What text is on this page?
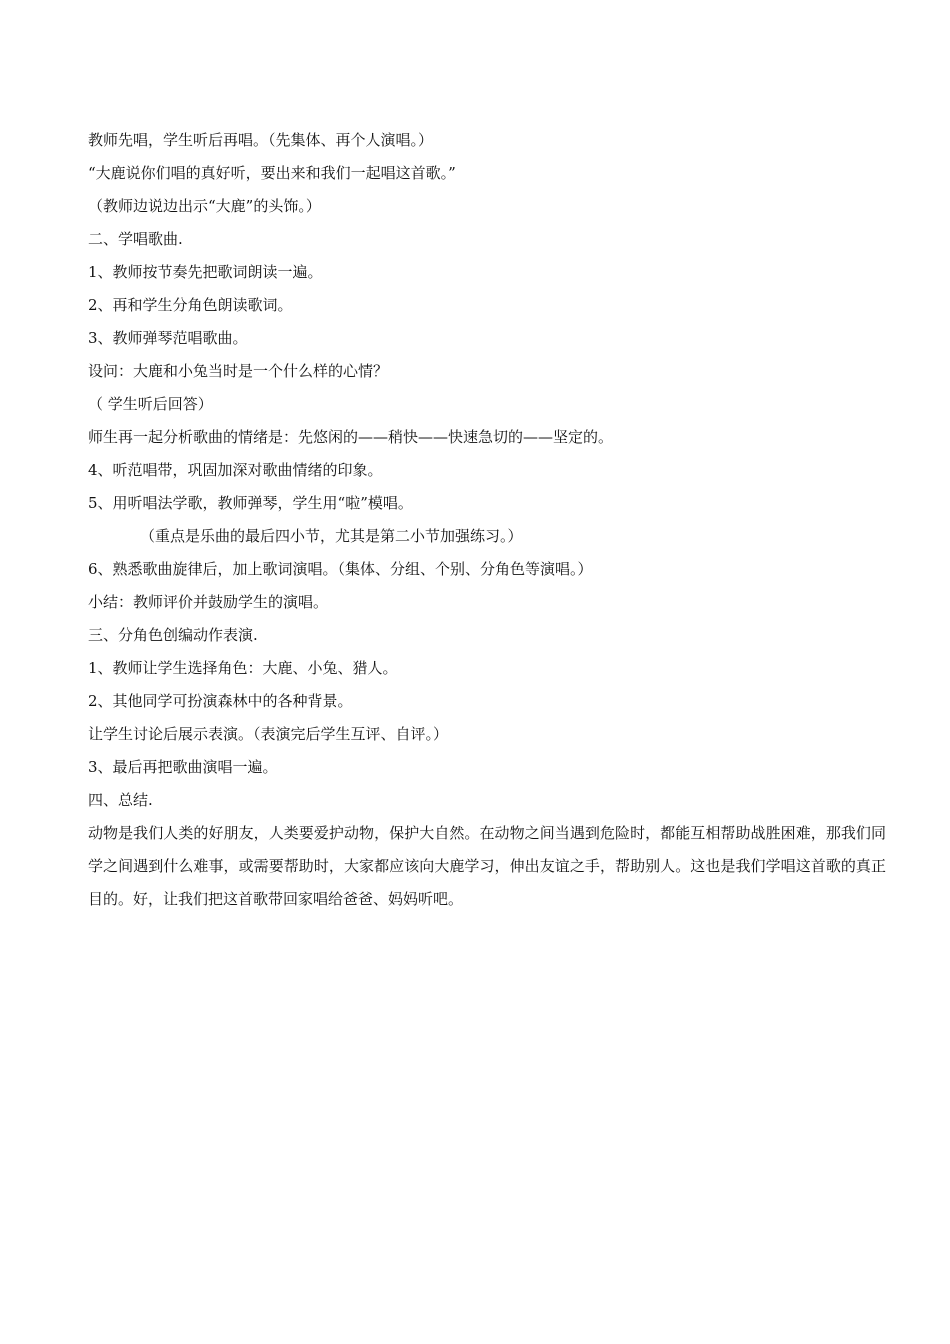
教师先唱，学生听后再唱。（先集体、再个人演唱。）
“大鹿说你们唱的真好听，要出来和我们一起唱这首歌。”
（教师边说边出示“大鹿”的头饰。）
二、学唱歌曲.
1、教师按节奏先把歌词朗读一遍。
2、再和学生分角色朗读歌词。
3、教师弹琴范唱歌曲。
设问：大鹿和小兔当时是一个什么样的心情？
（ 学生听后回答）
师生再一起分析歌曲的情绪是：先悠闲的——稍快——快速急切的——坚定的。
4、听范唱带，巩固加深对歌曲情绪的印象。
5、用听唱法学歌，教师弹琴，学生用“啦”模唱。
（重点是乐曲的最后四小节，尤其是第二小节加强练习。）
6、熟悉歌曲旋律后，加上歌词演唱。（集体、分组、个别、分角色等演唱。）
小结：教师评价并鼓励学生的演唱。
三、分角色创编动作表演.
1、教师让学生选择角色：大鹿、小兔、猎人。
2、其他同学可扮演森林中的各种背景。
让学生讨论后展示表演。（表演完后学生互评、自评。）
3、最后再把歌曲演唱一遍。
四、总结.
动物是我们人类的好朋友，人类要爱护动物，保护大自然。在动物之间当遇到危险时，都能互相帮助战胜困难，那我们同学之间遇到什么难事，或需要帮助时，大家都应该向大鹿学习，伸出友谊之手，帮助别人。这也是我们学唱这首歌的真正目的。好，让我们把这首歌带回家唱给爸爸、妈妈听吧。
